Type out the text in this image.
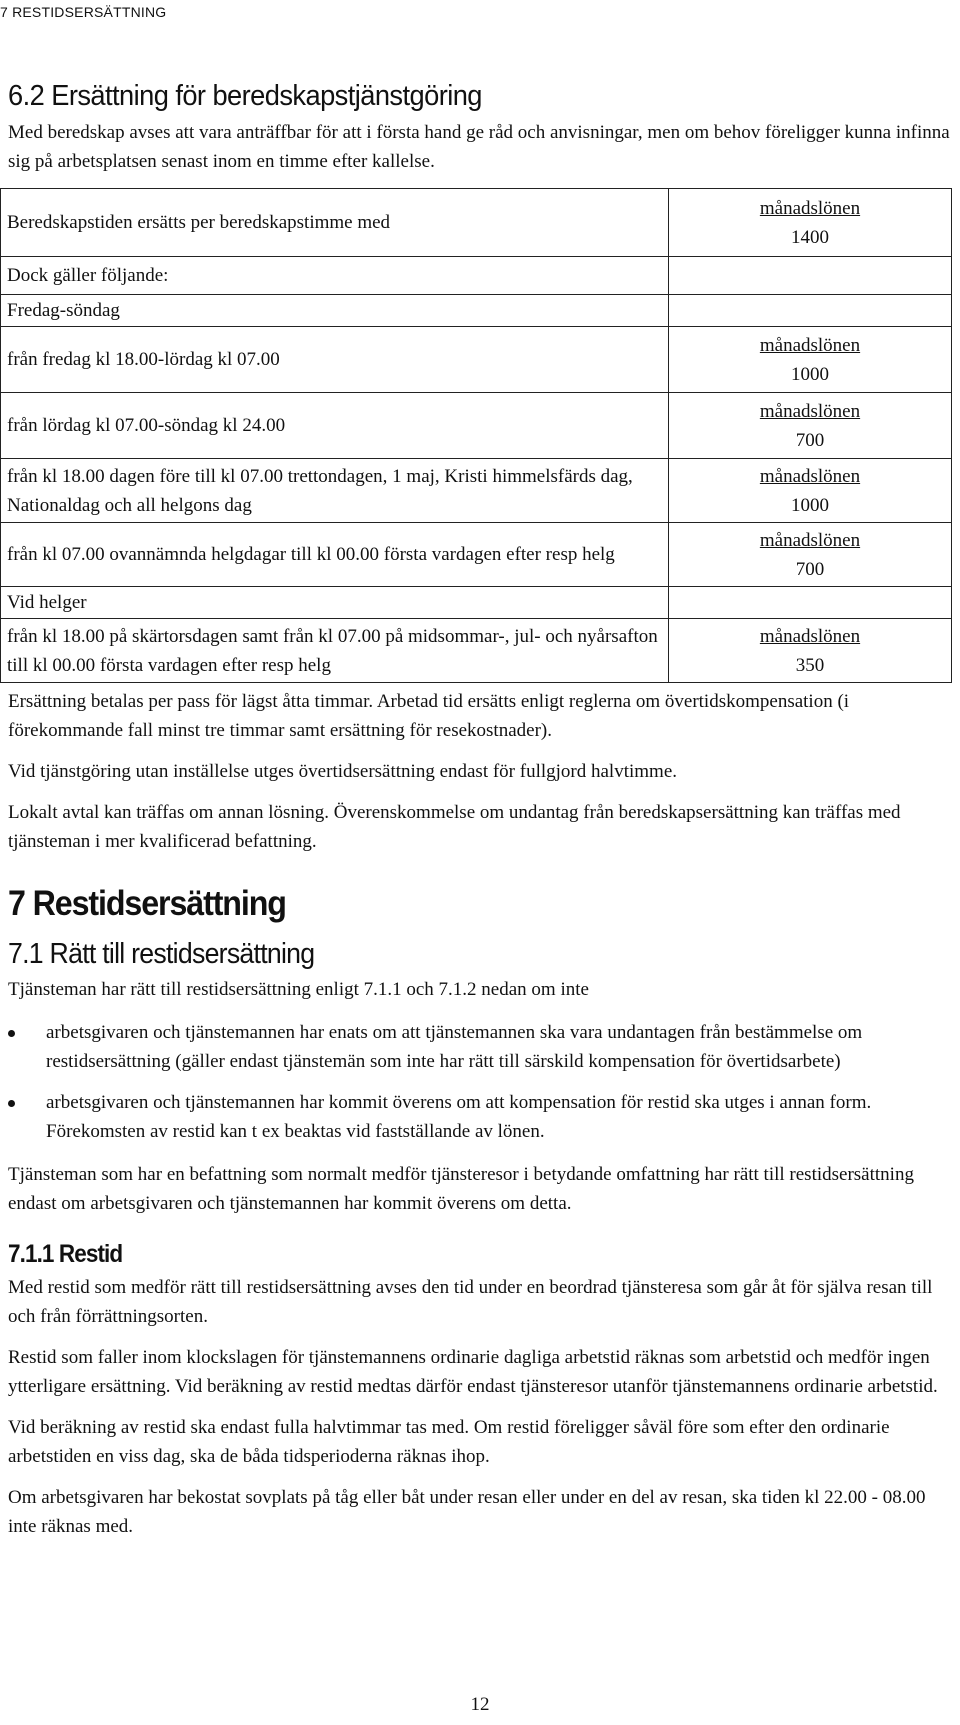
7 RESTIDSERSÄTTNING
6.2 Ersättning för beredskapstjänstgöring

Med beredskap avses att vara anträffbar för att i första hand ge råd och anvisningar, men om behov föreligger kunna infinna sig på arbetsplatsen senast inom en timme efter kallelse.

Beredskapstiden ersätts per beredskapstimme med	månadslönen
1400

Dock gäller följande:	
Fredag-söndag	
från fredag kl 18.00-lördag kl 07.00	månadslönen
1000

från lördag kl 07.00-söndag kl 24.00	månadslönen
700

från kl 18.00 dagen före till kl 07.00 trettondagen, 1 maj, Kristi himmelsfärds dag, Nationaldag och all helgons dag	månadslönen
1000

från kl 07.00 ovannämnda helgdagar till kl 00.00 första vardagen efter resp helg	månadslönen
700

Vid helger	
från kl 18.00 på skärtorsdagen samt från kl 07.00 på midsommar-, jul- och nyårsafton till kl 00.00 första vardagen efter resp helg	månadslönen
350

Ersättning betalas per pass för lägst åtta timmar. Arbetad tid ersätts enligt reglerna om övertidskompensation (i förekommande fall minst tre timmar samt ersättning för resekostnader).

Vid tjänstgöring utan inställelse utges övertidsersättning endast för fullgjord halvtimme.

Lokalt avtal kan träffas om annan lösning. Överenskommelse om undantag från beredskapsersättning kan träffas med tjänsteman i mer kvalificerad befattning.

7 Restidsersättning
7.1 Rätt till restidsersättning

Tjänsteman har rätt till restidsersättning enligt 7.1.1 och 7.1.2 nedan om inte

arbetsgivaren och tjänstemannen har enats om att tjänstemannen ska vara undantagen från bestämmelse om restidsersättning (gäller endast tjänstemän som inte har rätt till särskild kompensation för övertidsarbete)
arbetsgivaren och tjänstemannen har kommit överens om att kompensation för restid ska utges i annan form. Förekomsten av restid kan t ex beaktas vid fastställande av lönen.

Tjänsteman som har en befattning som normalt medför tjänsteresor i betydande omfattning har rätt till restidsersättning endast om arbetsgivaren och tjänstemannen har kommit överens om detta.

7.1.1 Restid

Med restid som medför rätt till restidsersättning avses den tid under en beordrad tjänsteresa som går åt för själva resan till och från förrättningsorten.

Restid som faller inom klockslagen för tjänstemannens ordinarie dagliga arbetstid räknas som arbetstid och medför ingen ytterligare ersättning. Vid beräkning av restid medtas därför endast tjänsteresor utanför tjänstemannens ordinarie arbetstid.

Vid beräkning av restid ska endast fulla halvtimmar tas med. Om restid föreligger såväl före som efter den ordinarie arbetstiden en viss dag, ska de båda tidsperioderna räknas ihop.

Om arbetsgivaren har bekostat sovplats på tåg eller båt under resan eller under en del av resan, ska tiden kl 22.00 - 08.00 inte räknas med.

12
